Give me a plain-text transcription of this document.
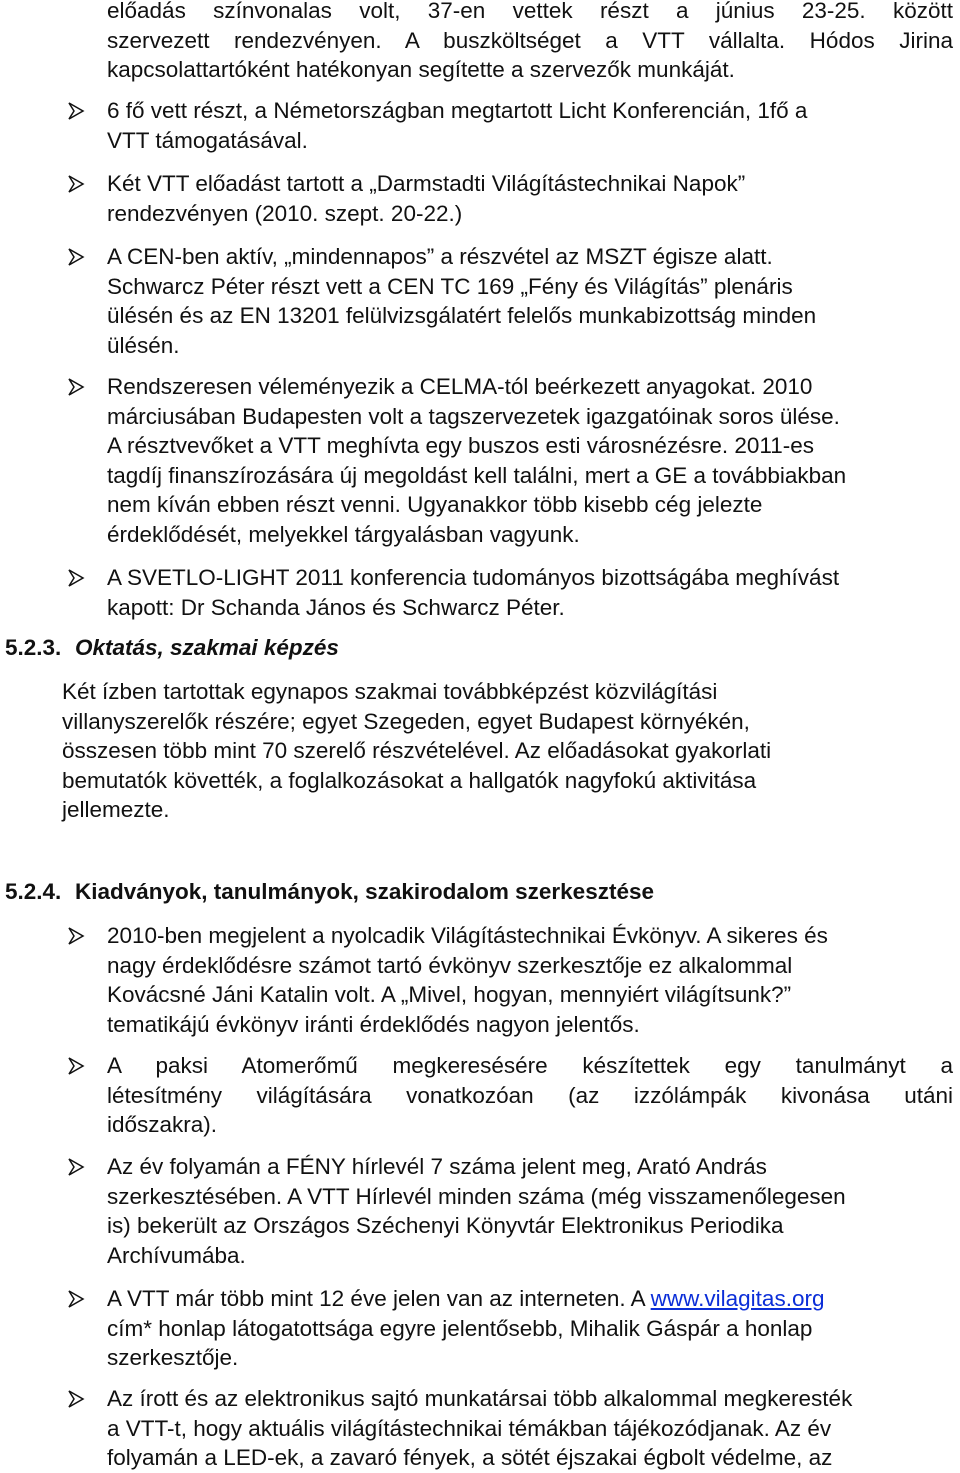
előadás színvonalas volt, 37-en vettek részt a június 23-25. között
szervezett rendezvényen. A buszköltséget a VTT vállalta. Hódos Jirina
kapcsolattartóként hatékonyan segítette a szervezők munkáját.
6 fő vett részt, a Németországban megtartott Licht Konferencián, 1fő a
VTT támogatásával.
Két VTT előadást tartott a „Darmstadti Világítástechnikai Napok”
rendezvényen (2010. szept. 20-22.)
A CEN-ben aktív, „mindennapos” a részvétel az MSZT égisze alatt.
Schwarcz Péter részt vett a CEN TC 169 „Fény és Világítás” plenáris
ülésén és az EN 13201 felülvizsgálatért felelős munkabizottság minden
ülésén.
Rendszeresen véleményezik a CELMA-tól beérkezett anyagokat. 2010
márciusában Budapesten volt a tagszervezetek igazgatóinak soros ülése.
A résztvevőket a VTT meghívta egy buszos esti városnézésre. 2011-es
tagdíj finanszírozására új megoldást kell találni, mert a GE a továbbiakban
nem kíván ebben részt venni. Ugyanakkor több kisebb cég jelezte
érdeklődését, melyekkel tárgyalásban vagyunk.
A SVETLO-LIGHT 2011 konferencia tudományos bizottságába meghívást
kapott: Dr Schanda János és Schwarcz Péter.
5.2.3. Oktatás, szakmai képzés
Két ízben tartottak egynapos szakmai továbbképzést közvilágítási
villanyszerelők részére; egyet Szegeden, egyet Budapest környékén,
összesen több mint 70 szerelő részvételével. Az előadásokat gyakorlati
bemutatók követték, a foglalkozásokat a hallgatók nagyfokú aktivitása
jellemezte.
5.2.4. Kiadványok, tanulmányok, szakirodalom szerkesztése
2010-ben megjelent a nyolcadik Világítástechnikai Évkönyv. A sikeres és
nagy érdeklődésre számot tartó évkönyv szerkesztője ez alkalommal
Kovácsné Jáni Katalin volt. A „Mivel, hogyan, mennyiért világítsunk?”
tematikájú évkönyv iránti érdeklődés nagyon jelentős.
A paksi Atomerőmű megkeresésére készítettek egy tanulmányt a
létesítmény világítására vonatkozóan (az izzólámpák kivonása utáni
időszakra).
Az év folyamán a FÉNY hírlevél 7 száma jelent meg, Arató András
szerkesztésében. A VTT Hírlevél minden száma (még visszamenőlegesen
is) bekerült az Országos Széchenyi Könyvtár Elektronikus Periodika
Archívumába.
A VTT már több mint 12 éve jelen van az interneten. A www.vilagitas.org
cím* honlap látogatottsága egyre jelentősebb, Mihalik Gáspár a honlap
szerkesztője.
Az írott és az elektronikus sajtó munkatársai több alkalommal megkeresték
a VTT-t, hogy aktuális világítástechnikai témákban tájékozódjanak. Az év
folyamán a LED-ek, a zavaró fények, a sötét éjszakai égbolt védelme, az
